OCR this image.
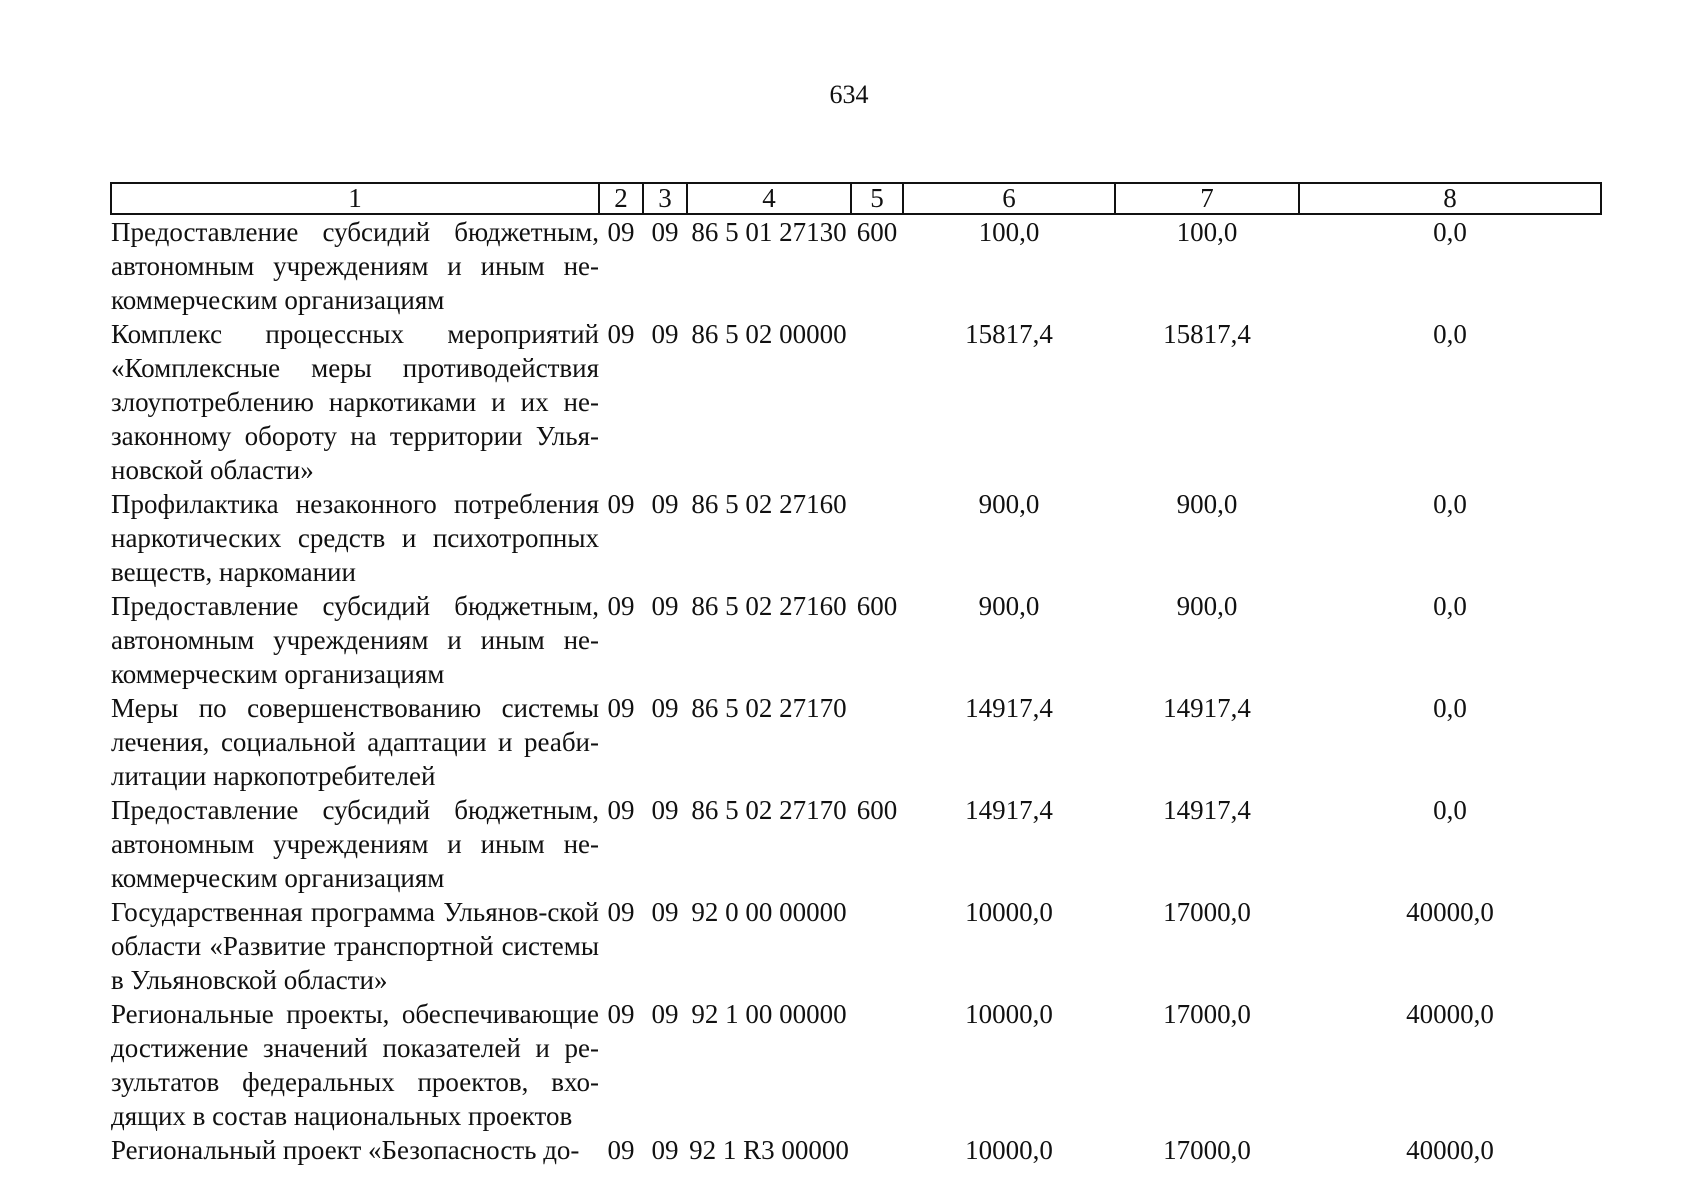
634
1	2	3	4	5	6	7	8
Предоставление субсидий бюджетным, автономным учреждениям и иным не-коммерческим организациям	09	09	86 5 01 27130	600	100,0	100,0	0,0
Комплекс процессных мероприятий «Комплексные меры противодействия злоупотреблению наркотиками и их не-законному обороту на территории Улья-новской области»	09	09	86 5 02 00000		15817,4	15817,4	0,0
Профилактика незаконного потребления наркотических средств и психотропных веществ, наркомании	09	09	86 5 02 27160		900,0	900,0	0,0
Предоставление субсидий бюджетным, автономным учреждениям и иным не-коммерческим организациям	09	09	86 5 02 27160	600	900,0	900,0	0,0
Меры по совершенствованию системы лечения, социальной адаптации и реаби-литации наркопотребителей	09	09	86 5 02 27170		14917,4	14917,4	0,0
Предоставление субсидий бюджетным, автономным учреждениям и иным не-коммерческим организациям	09	09	86 5 02 27170	600	14917,4	14917,4	0,0
Государственная программа Ульянов-ской области «Развитие транспортной системы в Ульяновской области»	09	09	92 0 00 00000		10000,0	17000,0	40000,0
Региональные проекты, обеспечивающие достижение значений показателей и ре-зультатов федеральных проектов, вхо-дящих в состав национальных проектов	09	09	92 1 00 00000		10000,0	17000,0	40000,0
Региональный проект «Безопасность до-	09	09	92 1 R3 00000		10000,0	17000,0	40000,0
